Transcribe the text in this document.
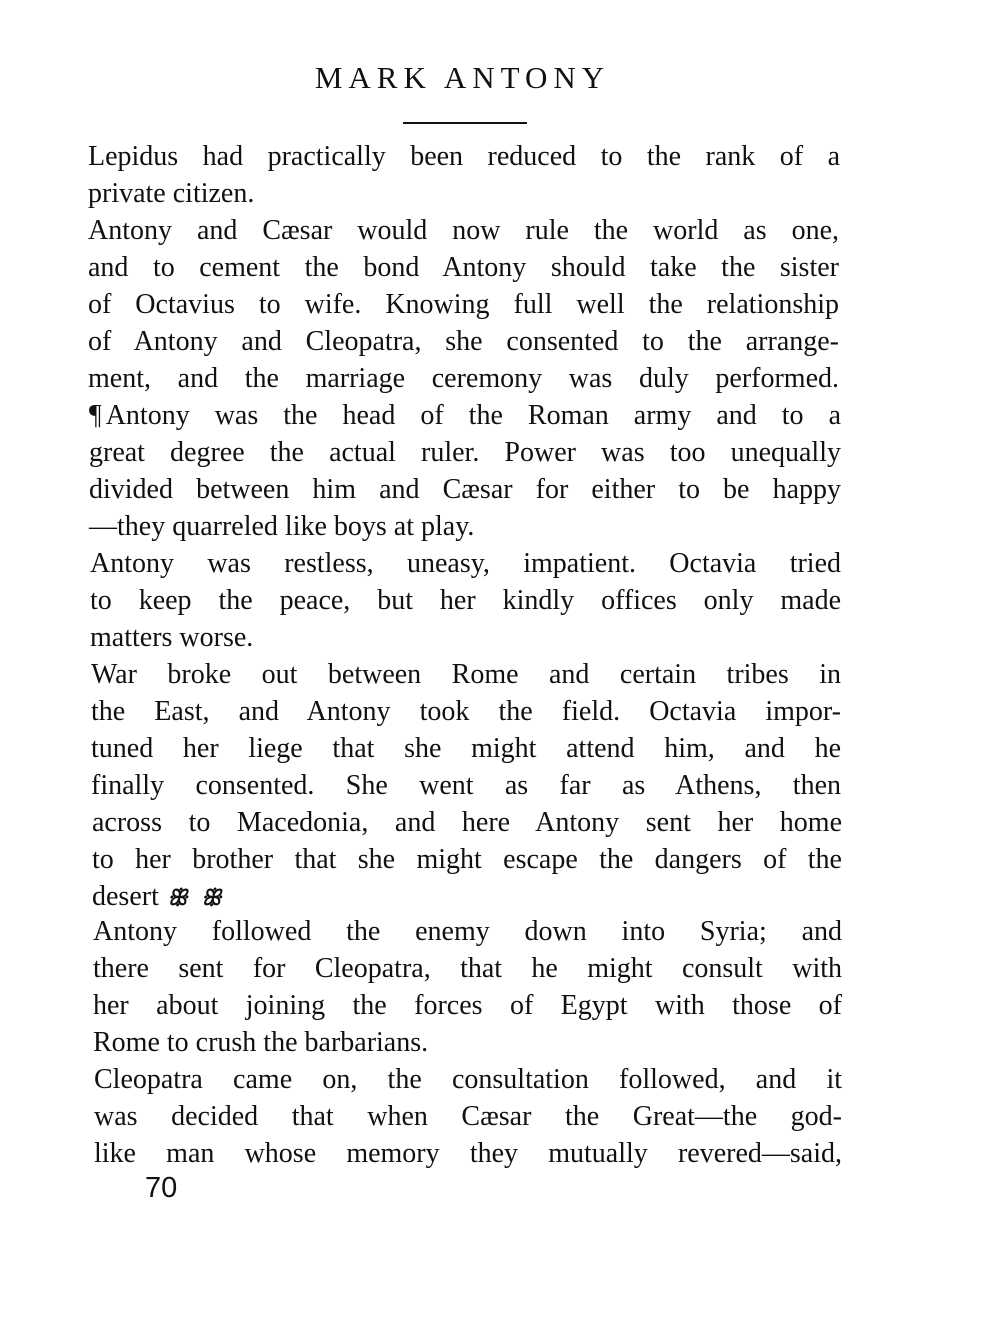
MARK ANTONY
Lepidus had practically been reduced to the rank of a
private citizen.
Antony and Cæsar would now rule the world as one,
and to cement the bond Antony should take the sister
of Octavius to wife. Knowing full well the relationship
of Antony and Cleopatra, she consented to the arrange-
ment, and the marriage ceremony was duly performed.
¶ Antony was the head of the Roman army and to a
great degree the actual ruler. Power was too unequally
divided between him and Cæsar for either to be happy
—they quarreled like boys at play.
Antony was restless, uneasy, impatient. Octavia tried
to keep the peace, but her kindly offices only made
matters worse.
War broke out between Rome and certain tribes in
the East, and Antony took the field. Octavia impor-
tuned her liege that she might attend him, and he
finally consented. She went as far as Athens, then
across to Macedonia, and here Antony sent her home
to her brother that she might escape the dangers of the
desert ꕥ ꕥ
Antony followed the enemy down into Syria; and
there sent for Cleopatra, that he might consult with
her about joining the forces of Egypt with those of
Rome to crush the barbarians.
Cleopatra came on, the consultation followed, and it
was decided that when Cæsar the Great—the god-
like man whose memory they mutually revered—said,
70
